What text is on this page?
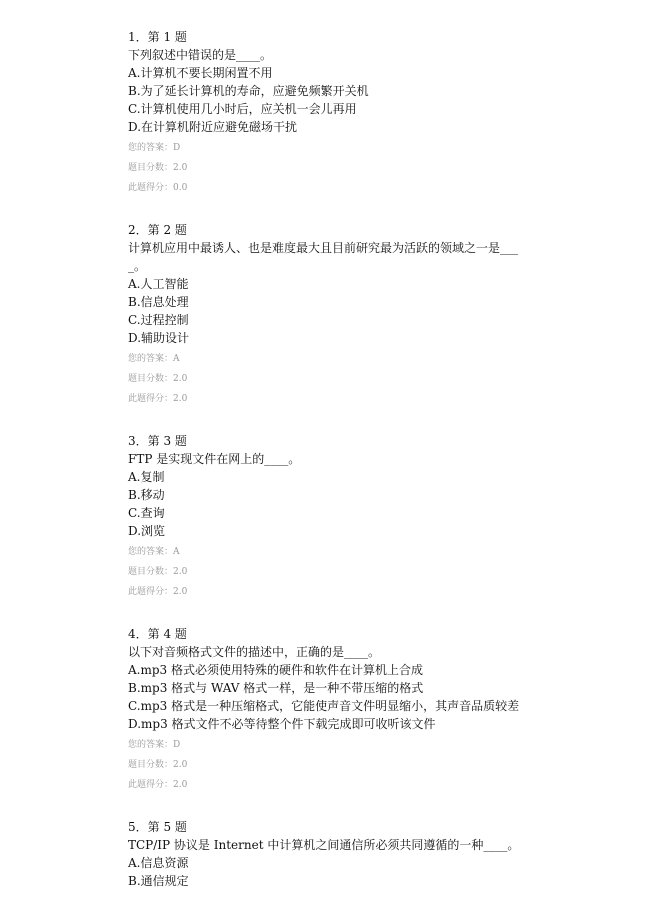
1．第 1 题
下列叙述中错误的是____。
A.计算机不要长期闲置不用
B.为了延长计算机的寿命，应避免频繁开关机
C.计算机使用几小时后，应关机一会儿再用
D.在计算机附近应避免磁场干扰
您的答案：D
题目分数：2.0
此题得分：0.0
2．第 2 题
计算机应用中最诱人、也是难度最大且目前研究最为活跃的领域之一是____。
A.人工智能
B.信息处理
C.过程控制
D.辅助设计
您的答案：A
题目分数：2.0
此题得分：2.0
3．第 3 题
FTP 是实现文件在网上的____。
A.复制
B.移动
C.查询
D.浏览
您的答案：A
题目分数：2.0
此题得分：2.0
4．第 4 题
以下对音频格式文件的描述中，正确的是____。
A.mp3 格式必须使用特殊的硬件和软件在计算机上合成
B.mp3 格式与 WAV 格式一样，是一种不带压缩的格式
C.mp3 格式是一种压缩格式，它能使声音文件明显缩小，其声音品质较差
D.mp3 格式文件不必等待整个件下载完成即可收听该文件
您的答案：D
题目分数：2.0
此题得分：2.0
5．第 5 题
TCP/IP 协议是 Internet 中计算机之间通信所必须共同遵循的一种____。
A.信息资源
B.通信规定
